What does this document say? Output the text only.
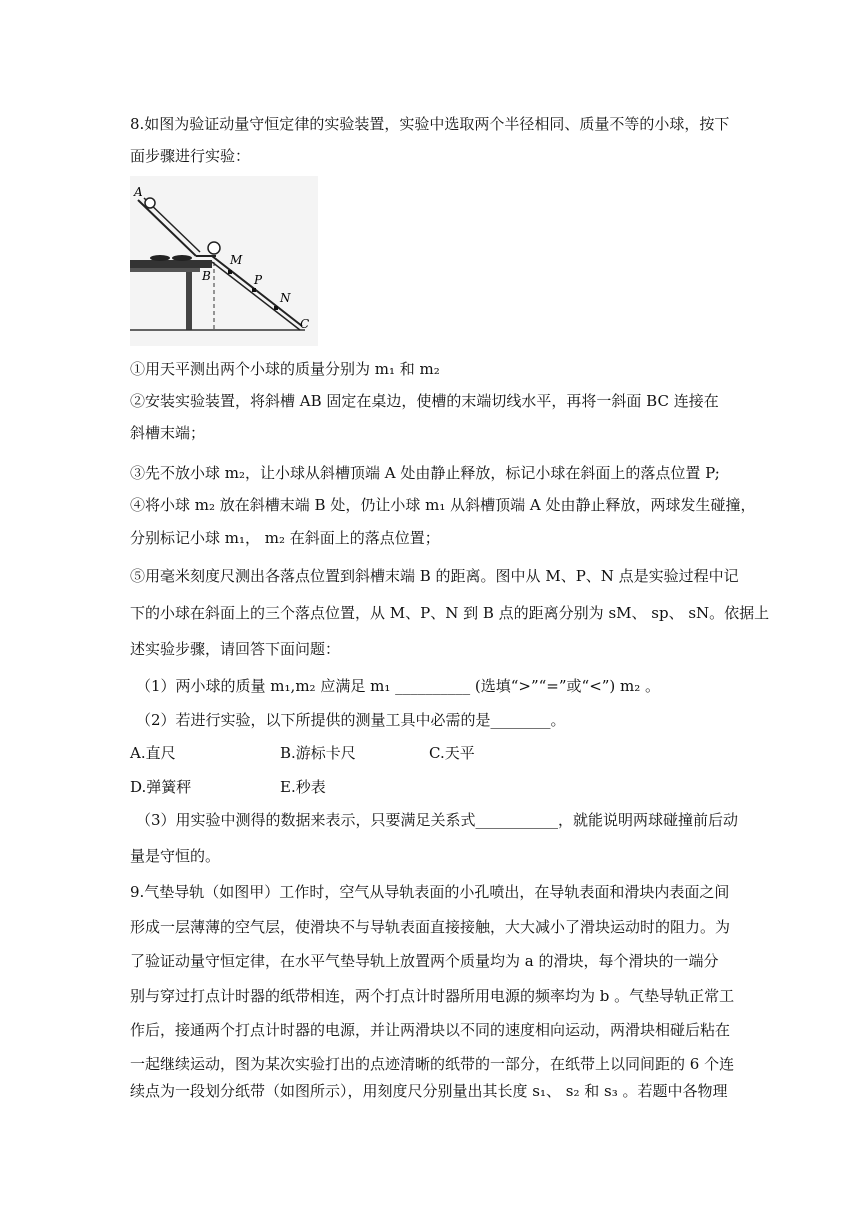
8.如图为验证动量守恒定律的实验装置，实验中选取两个半径相同、质量不等的小球，按下
面步骤进行实验：
A
B
M
P
N
C
①用天平测出两个小球的质量分别为 m₁ 和 m₂
②安装实验装置，将斜槽 AB 固定在桌边，使槽的末端切线水平，再将一斜面 BC 连接在
斜槽末端；
③先不放小球 m₂，让小球从斜槽顶端 A 处由静止释放，标记小球在斜面上的落点位置 P;
④将小球 m₂ 放在斜槽末端 B 处，仍让小球 m₁ 从斜槽顶端 A 处由静止释放，两球发生碰撞，
分别标记小球 m₁， m₂ 在斜面上的落点位置；
⑤用毫米刻度尺测出各落点位置到斜槽末端 B 的距离。图中从 M、P、N 点是实验过程中记
下的小球在斜面上的三个落点位置，从 M、P、N 到 B 点的距离分别为 sM、 sp、 sN。依据上
述实验步骤，请回答下面问题：
（1）两小球的质量 m₁,m₂ 应满足 m₁ __________ (选填“>”“=”或“<”) m₂ 。
（2）若进行实验，以下所提供的测量工具中必需的是________。
A.直尺	B.游标卡尺	C.天平
D.弹簧秤	E.秒表
（3）用实验中测得的数据来表示，只要满足关系式___________，就能说明两球碰撞前后动
量是守恒的。
9.气垫导轨（如图甲）工作时，空气从导轨表面的小孔喷出，在导轨表面和滑块内表面之间
形成一层薄薄的空气层，使滑块不与导轨表面直接接触，大大减小了滑块运动时的阻力。为
了验证动量守恒定律，在水平气垫导轨上放置两个质量均为 a 的滑块，每个滑块的一端分
别与穿过打点计时器的纸带相连，两个打点计时器所用电源的频率均为 b 。气垫导轨正常工
作后，接通两个打点计时器的电源，并让两滑块以不同的速度相向运动，两滑块相碰后粘在
一起继续运动，图为某次实验打出的点迹清晰的纸带的一部分，在纸带上以同间距的 6 个连
续点为一段划分纸带（如图所示），用刻度尺分别量出其长度 s₁、 s₂ 和 s₃ 。若题中各物理
